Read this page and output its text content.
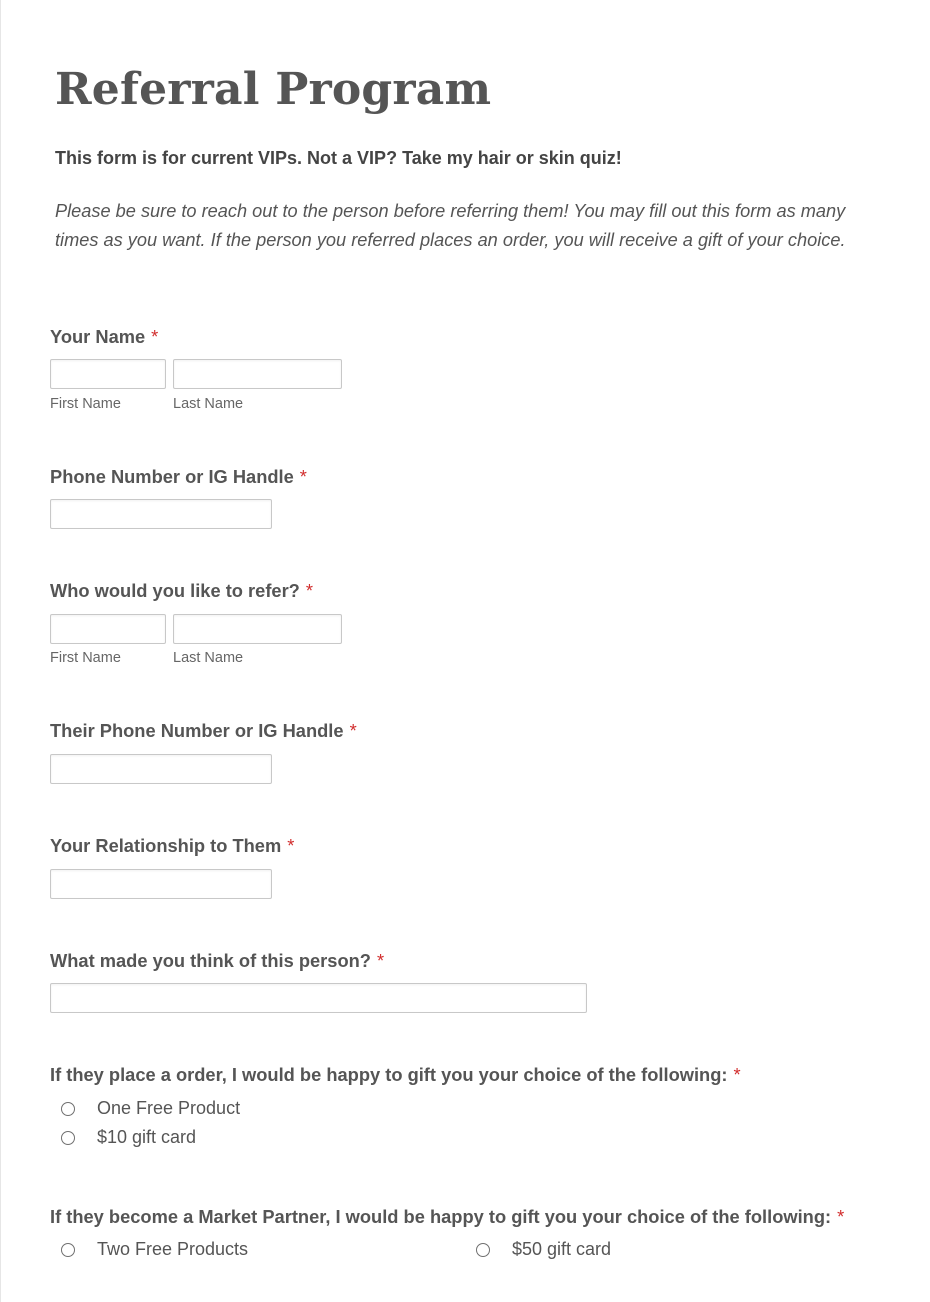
Referral Program
This form is for current VIPs. Not a VIP? Take my hair or skin quiz!
Please be sure to reach out to the person before referring them! You may fill out this form as many times as you want. If the person you referred places an order, you will receive a gift of your choice.
Your Name *
First Name	Last Name
Phone Number or IG Handle *
Who would you like to refer? *
First Name	Last Name
Their Phone Number or IG Handle *
Your Relationship to Them *
What made you think of this person? *
If they place a order, I would be happy to gift you your choice of the following: *
One Free Product
$10 gift card
If they become a Market Partner, I would be happy to gift you your choice of the following: *
Two Free Products	$50 gift card
